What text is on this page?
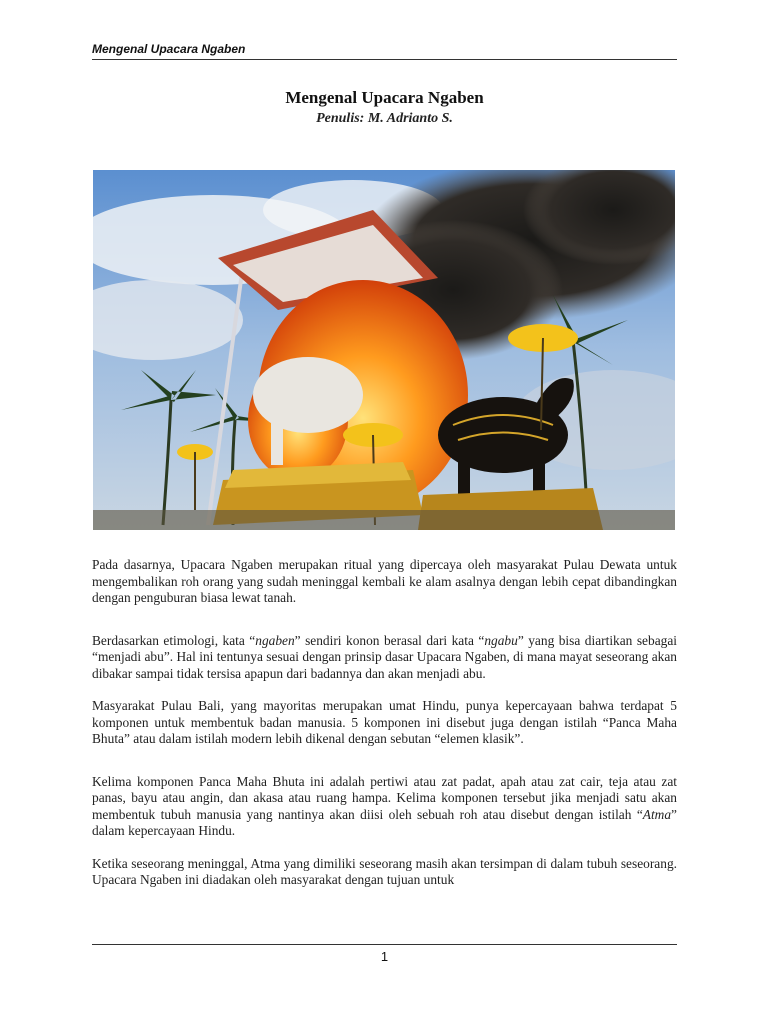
Mengenal Upacara Ngaben
Mengenal Upacara Ngaben
Penulis: M. Adrianto S.

Pada dasarnya, Upacara Ngaben merupakan ritual yang dipercaya oleh masyarakat Pulau Dewata untuk mengembalikan roh orang yang sudah meninggal kembali ke alam asalnya dengan lebih cepat dibandingkan dengan penguburan biasa lewat tanah.

Berdasarkan etimologi, kata “ngaben” sendiri konon berasal dari kata “ngabu” yang bisa diartikan sebagai “menjadi abu”. Hal ini tentunya sesuai dengan prinsip dasar Upacara Ngaben, di mana mayat seseorang akan dibakar sampai tidak tersisa apapun dari badannya dan akan menjadi abu.

Masyarakat Pulau Bali, yang mayoritas merupakan umat Hindu, punya kepercayaan bahwa terdapat 5 komponen untuk membentuk badan manusia. 5 komponen ini disebut juga dengan istilah “Panca Maha Bhuta” atau dalam istilah modern lebih dikenal dengan sebutan “elemen klasik”.

Kelima komponen Panca Maha Bhuta ini adalah pertiwi atau zat padat, apah atau zat cair, teja atau zat panas, bayu atau angin, dan akasa atau ruang hampa. Kelima komponen tersebut jika menjadi satu akan membentuk tubuh manusia yang nantinya akan diisi oleh sebuah roh atau disebut dengan istilah “Atma” dalam kepercayaan Hindu.

Ketika seseorang meninggal, Atma yang dimiliki seseorang masih akan tersimpan di dalam tubuh seseorang. Upacara Ngaben ini diadakan oleh masyarakat dengan tujuan untuk

1
